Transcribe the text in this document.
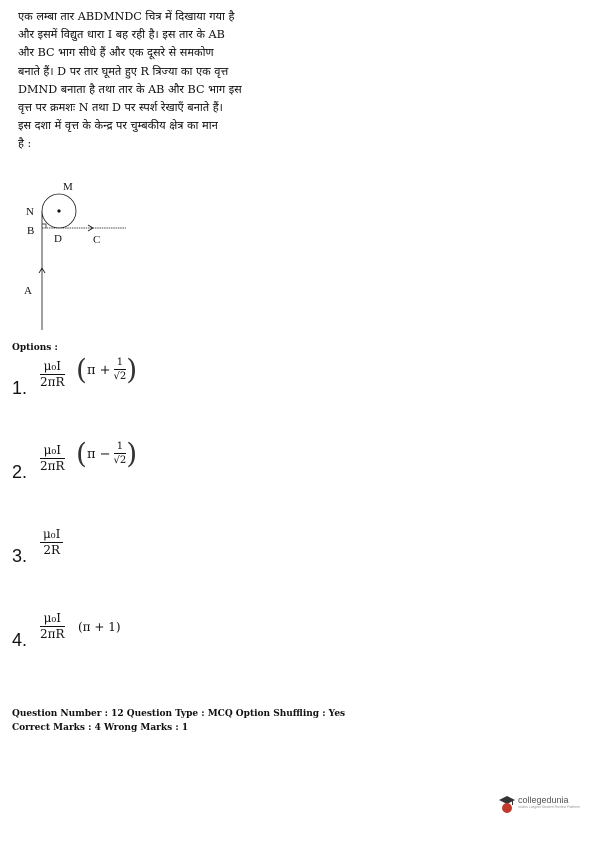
एक लम्बा तार ABDMNDC चित्र में दिखाया गया है
और इसमें विद्युत धारा I बह रही है। इस तार के AB
और BC भाग सीधे हैं और एक दूसरे से समकोण
बनाते हैं। D पर तार घूमते हुए R त्रिज्या का एक वृत्त
DMND बनाता है तथा तार के AB और BC भाग इस
वृत्त पर क्रमशः N तथा D पर स्पर्श रेखाएँ बनाते हैं।
इस दशा में वृत्त के केन्द्र पर चुम्बकीय क्षेत्र का मान
है :
M
N
B
D	C
A
Options :
1. $\frac{\text{μ₀I}}{2\pi R}$ ( $\pi + \frac{1}{√2}$ )
2. $\frac{\text{μ₀I}}{2\pi R}$ ( $\pi - \frac{1}{√2}$ )
3. $\frac{\text{μ₀I}}{2R}$
4. $\frac{\text{μ₀I}}{2\pi R} (\pi + 1)$
Question Number : 12 Question Type : MCQ Option Shuffling : Yes
Correct Marks : 4 Wrong Marks : 1
collegedunia
India's Largest Student Review Platform
